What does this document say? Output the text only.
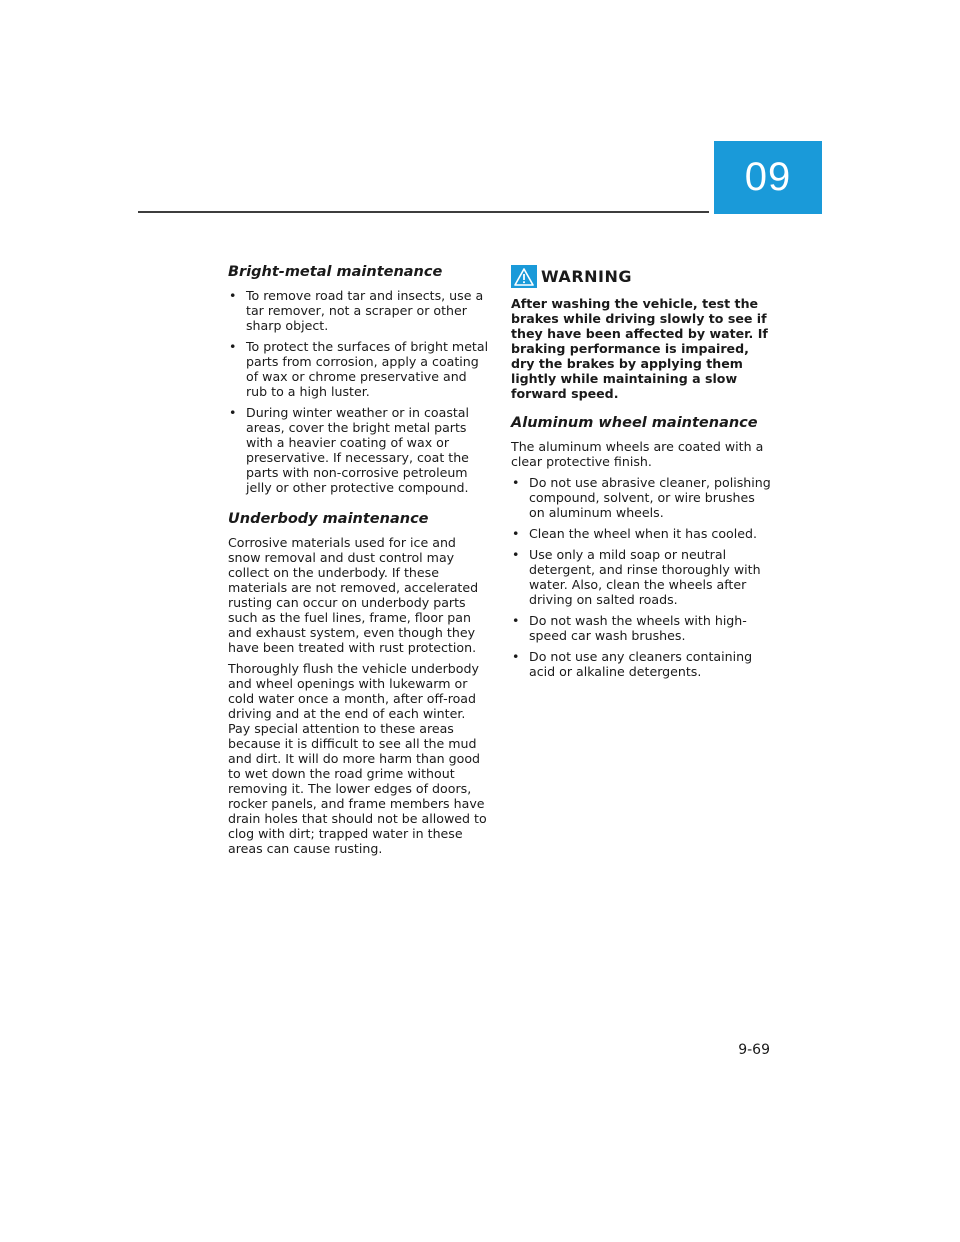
09
Bright-metal maintenance
• To remove road tar and insects, use a tar remover, not a scraper or other sharp object.
• To protect the surfaces of bright metal parts from corrosion, apply a coating of wax or chrome preservative and rub to a high luster.
• During winter weather or in coastal areas, cover the bright metal parts with a heavier coating of wax or preservative. If necessary, coat the parts with non-corrosive petroleum jelly or other protective compound.
Underbody maintenance

Corrosive materials used for ice and snow removal and dust control may collect on the underbody. If these materials are not removed, accelerated rusting can occur on underbody parts such as the fuel lines, frame, floor pan and exhaust system, even though they have been treated with rust protection.

Thoroughly flush the vehicle underbody and wheel openings with lukewarm or cold water once a month, after off-road driving and at the end of each winter. Pay special attention to these areas because it is difficult to see all the mud and dirt. It will do more harm than good to wet down the road grime without removing it. The lower edges of doors, rocker panels, and frame members have drain holes that should not be allowed to clog with dirt; trapped water in these areas can cause rusting.

WARNING

After washing the vehicle, test the brakes while driving slowly to see if they have been affected by water. If braking performance is impaired, dry the brakes by applying them lightly while maintaining a slow forward speed.

Aluminum wheel maintenance

The aluminum wheels are coated with a clear protective finish.

• Do not use abrasive cleaner, polishing compound, solvent, or wire brushes on aluminum wheels.
• Clean the wheel when it has cooled.
• Use only a mild soap or neutral detergent, and rinse thoroughly with water. Also, clean the wheels after driving on salted roads.
• Do not wash the wheels with high-speed car wash brushes.
• Do not use any cleaners containing acid or alkaline detergents.
9-69
